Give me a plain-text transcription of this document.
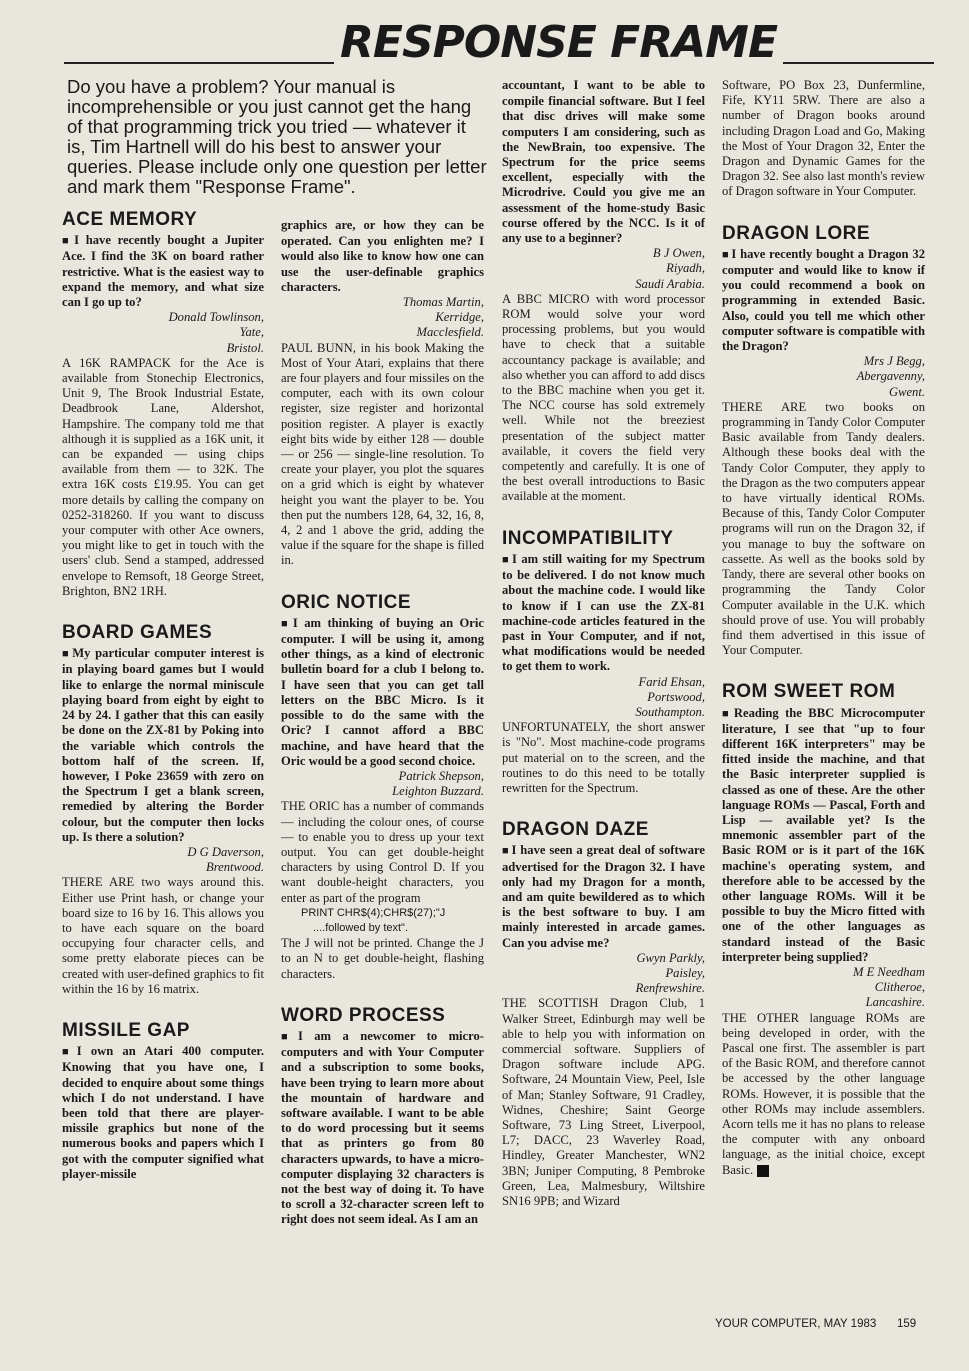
RESPONSE FRAME
Do you have a problem? Your manual is incomprehensible or you just cannot get the hang of that programming trick you tried — whatever it is, Tim Hartnell will do his best to answer your queries. Please include only one question per letter and mark them "Response Frame".
ACE MEMORY

■ I have recently bought a Jupiter Ace. I find the 3K on board rather restrictive. What is the easiest way to expand the memory, and what size can I go up to?

Donald Towlinson,

Yate,

Bristol.

A 16K RAMPACK for the Ace is available from Stonechip Electronics, Unit 9, The Brook Industrial Estate, Deadbrook Lane, Aldershot, Hampshire. The company told me that although it is supplied as a 16K unit, it can be expanded — using chips available from them — to 32K. The extra 16K costs £19.95. You can get more details by calling the company on 0252-318260. If you want to discuss your computer with other Ace owners, you might like to get in touch with the users' club. Send a stamped, addressed envelope to Remsoft, 18 George Street, Brighton, BN2 1RH.

BOARD GAMES

■ My particular computer interest is in playing board games but I would like to enlarge the normal miniscule playing board from eight by eight to 24 by 24. I gather that this can easily be done on the ZX-81 by Poking into the variable which controls the bottom half of the screen. If, however, I Poke 23659 with zero on the Spectrum I get a blank screen, remedied by altering the Border colour, but the computer then locks up. Is there a solution?

D G Daverson,

Brentwood.

THERE ARE two ways around this. Either use Print hash, or change your board size to 16 by 16. This allows you to have each square on the board occupying four character cells, and some pretty elaborate pieces can be created with user-defined graphics to fit within the 16 by 16 matrix.

MISSILE GAP

■ I own an Atari 400 computer. Knowing that you have one, I decided to enquire about some things which I do not understand. I have been told that there are player-missile graphics but none of the numerous books and papers which I got with the computer signified what player-missile

graphics are, or how they can be operated. Can you enlighten me? I would also like to know how one can use the user-definable graphics characters.

Thomas Martin,

Kerridge,

Macclesfield.

PAUL BUNN, in his book Making the Most of Your Atari, explains that there are four players and four missiles on the computer, each with its own colour register, size register and horizontal position register. A player is exactly eight bits wide by either 128 — double — or 256 — single-line resolution. To create your player, you plot the squares on a grid which is eight by whatever height you want the player to be. You then put the numbers 128, 64, 32, 16, 8, 4, 2 and 1 above the grid, adding the value if the square for the shape is filled in.

ORIC NOTICE

■ I am thinking of buying an Oric computer. I will be using it, among other things, as a kind of electronic bulletin board for a club I belong to. I have seen that you can get tall letters on the BBC Micro. Is it possible to do the same with the Oric? I cannot afford a BBC machine, and have heard that the Oric would be a good second choice.

Patrick Shepson,

Leighton Buzzard.

THE ORIC has a number of commands — including the colour ones, of course — to enable you to dress up your text output. You can get double-height characters by using Control D. If you want double-height characters, you enter as part of the program

PRINT CHR$(4);CHR$(27);"J

....followed by text".

The J will not be printed. Change the J to an N to get double-height, flashing characters.

WORD PROCESS

■ I am a newcomer to micro-computers and with Your Computer and a subscription to some books, have been trying to learn more about the mountain of hardware and software available. I want to be able to do word processing but it seems that as printers go from 80 characters upwards, to have a micro-computer displaying 32 characters is not the best way of doing it. To have to scroll a 32-character screen left to right does not seem ideal. As I am an

accountant, I want to be able to compile financial software. But I feel that disc drives will make some computers I am considering, such as the NewBrain, too expensive. The Spectrum for the price seems excellent, especially with the Microdrive. Could you give me an assessment of the home-study Basic course offered by the NCC. Is it of any use to a beginner?

B J Owen,

Riyadh,

Saudi Arabia.

A BBC MICRO with word processor ROM would solve your word processing problems, but you would have to check that a suitable accountancy package is available; and also whether you can afford to add discs to the BBC machine when you get it. The NCC course has sold extremely well. While not the breeziest presentation of the subject matter available, it covers the field very competently and carefully. It is one of the best overall introductions to Basic available at the moment.

INCOMPATIBILITY

■ I am still waiting for my Spectrum to be delivered. I do not know much about the machine code. I would like to know if I can use the ZX-81 machine-code articles featured in the past in Your Computer, and if not, what modifications would be needed to get them to work.

Farid Ehsan,

Portswood,

Southampton.

UNFORTUNATELY, the short answer is "No". Most machine-code programs put material on to the screen, and the routines to do this need to be totally rewritten for the Spectrum.

DRAGON DAZE

■ I have seen a great deal of software advertised for the Dragon 32. I have only had my Dragon for a month, and am quite bewildered as to which is the best software to buy. I am mainly interested in arcade games. Can you advise me?

Gwyn Parkly,

Paisley,

Renfrewshire.

THE SCOTTISH Dragon Club, 1 Walker Street, Edinburgh may well be able to help you with information on commercial software. Suppliers of Dragon software include APG. Software, 24 Mountain View, Peel, Isle of Man; Stanley Software, 91 Cradley, Widnes, Cheshire; Saint George Software, 73 Ling Street, Liverpool, L7; DACC, 23 Waverley Road, Hindley, Greater Manchester, WN2 3BN; Juniper Computing, 8 Pembroke Green, Lea, Malmesbury, Wiltshire SN16 9PB; and Wizard

Software, PO Box 23, Dunfermline, Fife, KY11 5RW. There are also a number of Dragon books around including Dragon Load and Go, Making the Most of Your Dragon 32, Enter the Dragon and Dynamic Games for the Dragon 32. See also last month's review of Dragon software in Your Computer.

DRAGON LORE

■ I have recently bought a Dragon 32 computer and would like to know if you could recommend a book on programming in extended Basic. Also, could you tell me which other computer software is compatible with the Dragon?

Mrs J Begg,

Abergavenny,

Gwent.

THERE ARE two books on programming in Tandy Color Computer Basic available from Tandy dealers. Although these books deal with the Tandy Color Computer, they apply to the Dragon as the two computers appear to have virtually identical ROMs. Because of this, Tandy Color Computer programs will run on the Dragon 32, if you manage to buy the software on cassette. As well as the books sold by Tandy, there are several other books on programming the Tandy Color Computer available in the U.K. which should prove of use. You will probably find them advertised in this issue of Your Computer.

ROM SWEET ROM

■ Reading the BBC Microcomputer literature, I see that "up to four different 16K interpreters" may be fitted inside the machine, and that the Basic interpreter supplied is classed as one of these. Are the other language ROMs — Pascal, Forth and Lisp — available yet? Is the mnemonic assembler part of the Basic ROM or is it part of the 16K machine's operating system, and therefore able to be accessed by the other language ROMs. Will it be possible to buy the Micro fitted with one of the other languages as standard instead of the Basic interpreter being supplied?

M E Needham

Clitheroe,

Lancashire.

THE OTHER language ROMs are being developed in order, with the Pascal one first. The assembler is part of the Basic ROM, and therefore cannot be accessed by the other language ROMs. However, it is possible that the other ROMs may include assemblers. Acorn tells me it has no plans to release the computer with any onboard language, as the initial choice, except Basic.

YOUR COMPUTER, MAY 1983 159
